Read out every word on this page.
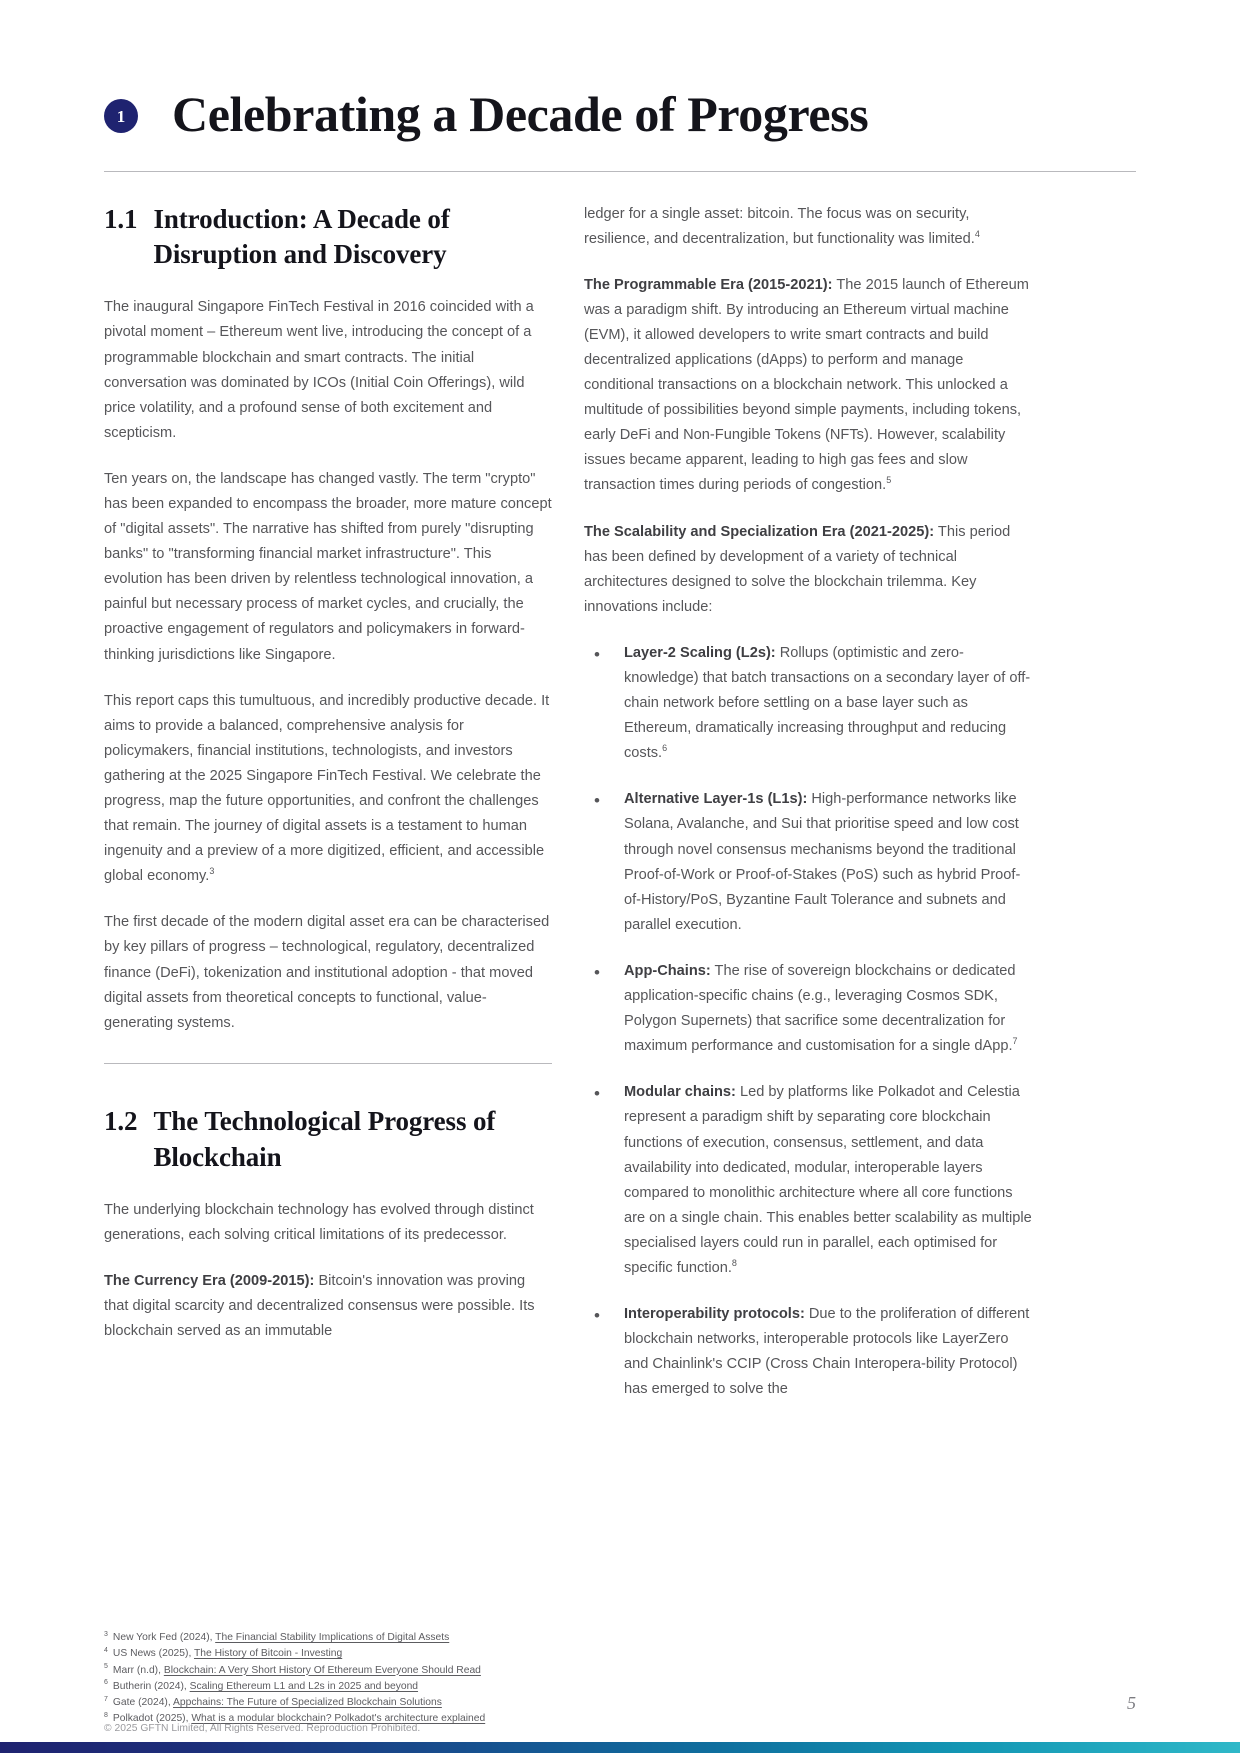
1 Celebrating a Decade of Progress
1.1 Introduction: A Decade of Disruption and Discovery

The inaugural Singapore FinTech Festival in 2016 coincided with a pivotal moment – Ethereum went live, introducing the concept of a programmable blockchain and smart contracts. The initial conversation was dominated by ICOs (Initial Coin Offerings), wild price volatility, and a profound sense of both excitement and scepticism.

Ten years on, the landscape has changed vastly. The term "crypto" has been expanded to encompass the broader, more mature concept of "digital assets". The narrative has shifted from purely "disrupting banks" to "transforming financial market infrastructure". This evolution has been driven by relentless technological innovation, a painful but necessary process of market cycles, and crucially, the proactive engagement of regulators and policymakers in forward-thinking jurisdictions like Singapore.

This report caps this tumultuous, and incredibly productive decade. It aims to provide a balanced, comprehensive analysis for policymakers, financial institutions, technologists, and investors gathering at the 2025 Singapore FinTech Festival. We celebrate the progress, map the future opportunities, and confront the challenges that remain. The journey of digital assets is a testament to human ingenuity and a preview of a more digitized, efficient, and accessible global economy.$^3$

The first decade of the modern digital asset era can be characterised by key pillars of progress – technological, regulatory, decentralized finance (DeFi), tokenization and institutional adoption - that moved digital assets from theoretical concepts to functional, value-generating systems.

1.2 The Technological Progress of Blockchain

The underlying blockchain technology has evolved through distinct generations, each solving critical limitations of its predecessor.

The Currency Era (2009-2015): Bitcoin's innovation was proving that digital scarcity and decentralized consensus were possible. Its blockchain served as an immutable

ledger for a single asset: bitcoin. The focus was on security, resilience, and decentralization, but functionality was limited.$^4$

The Programmable Era (2015-2021): The 2015 launch of Ethereum was a paradigm shift. By introducing an Ethereum virtual machine (EVM), it allowed developers to write smart contracts and build decentralized applications (dApps) to perform and manage conditional transactions on a blockchain network. This unlocked a multitude of possibilities beyond simple payments, including tokens, early DeFi and Non-Fungible Tokens (NFTs). However, scalability issues became apparent, leading to high gas fees and slow transaction times during periods of congestion.$^5$

The Scalability and Specialization Era (2021-2025): This period has been defined by development of a variety of technical architectures designed to solve the blockchain trilemma. Key innovations include:

• Layer-2 Scaling (L2s): Rollups (optimistic and zero-knowledge) that batch transactions on a secondary layer of off-chain network before settling on a base layer such as Ethereum, dramatically increasing throughput and reducing costs.$^6$
• Alternative Layer-1s (L1s): High-performance networks like Solana, Avalanche, and Sui that prioritise speed and low cost through novel consensus mechanisms beyond the traditional Proof-of-Work or Proof-of-Stakes (PoS) such as hybrid Proof-of-History/PoS, Byzantine Fault Tolerance and subnets and parallel execution.
• App-Chains: The rise of sovereign blockchains or dedicated application-specific chains (e.g., leveraging Cosmos SDK, Polygon Supernets) that sacrifice some decentralization for maximum performance and customisation for a single dApp.$^7$
• Modular chains: Led by platforms like Polkadot and Celestia represent a paradigm shift by separating core blockchain functions of execution, consensus, settlement, and data availability into dedicated, modular, interoperable layers compared to monolithic architecture where all core functions are on a single chain. This enables better scalability as multiple specialised layers could run in parallel, each optimised for specific function.$^8$
• Interoperability protocols: Due to the proliferation of different blockchain networks, interoperable protocols like LayerZero and Chainlink's CCIP (Cross Chain Interopera-bility Protocol) has emerged to solve the
$^3$ New York Fed (2024), The Financial Stability Implications of Digital Assets
$^4$ US News (2025), The History of Bitcoin - Investing
$^5$ Marr (n.d), Blockchain: A Very Short History Of Ethereum Everyone Should Read
$^6$ Butherin (2024), Scaling Ethereum L1 and L2s in 2025 and beyond
$^7$ Gate (2024), Appchains: The Future of Specialized Blockchain Solutions
$^8$ Polkadot (2025), What is a modular blockchain? Polkadot's architecture explained
© 2025 GFTN Limited, All Rights Reserved. Reproduction Prohibited.
5
